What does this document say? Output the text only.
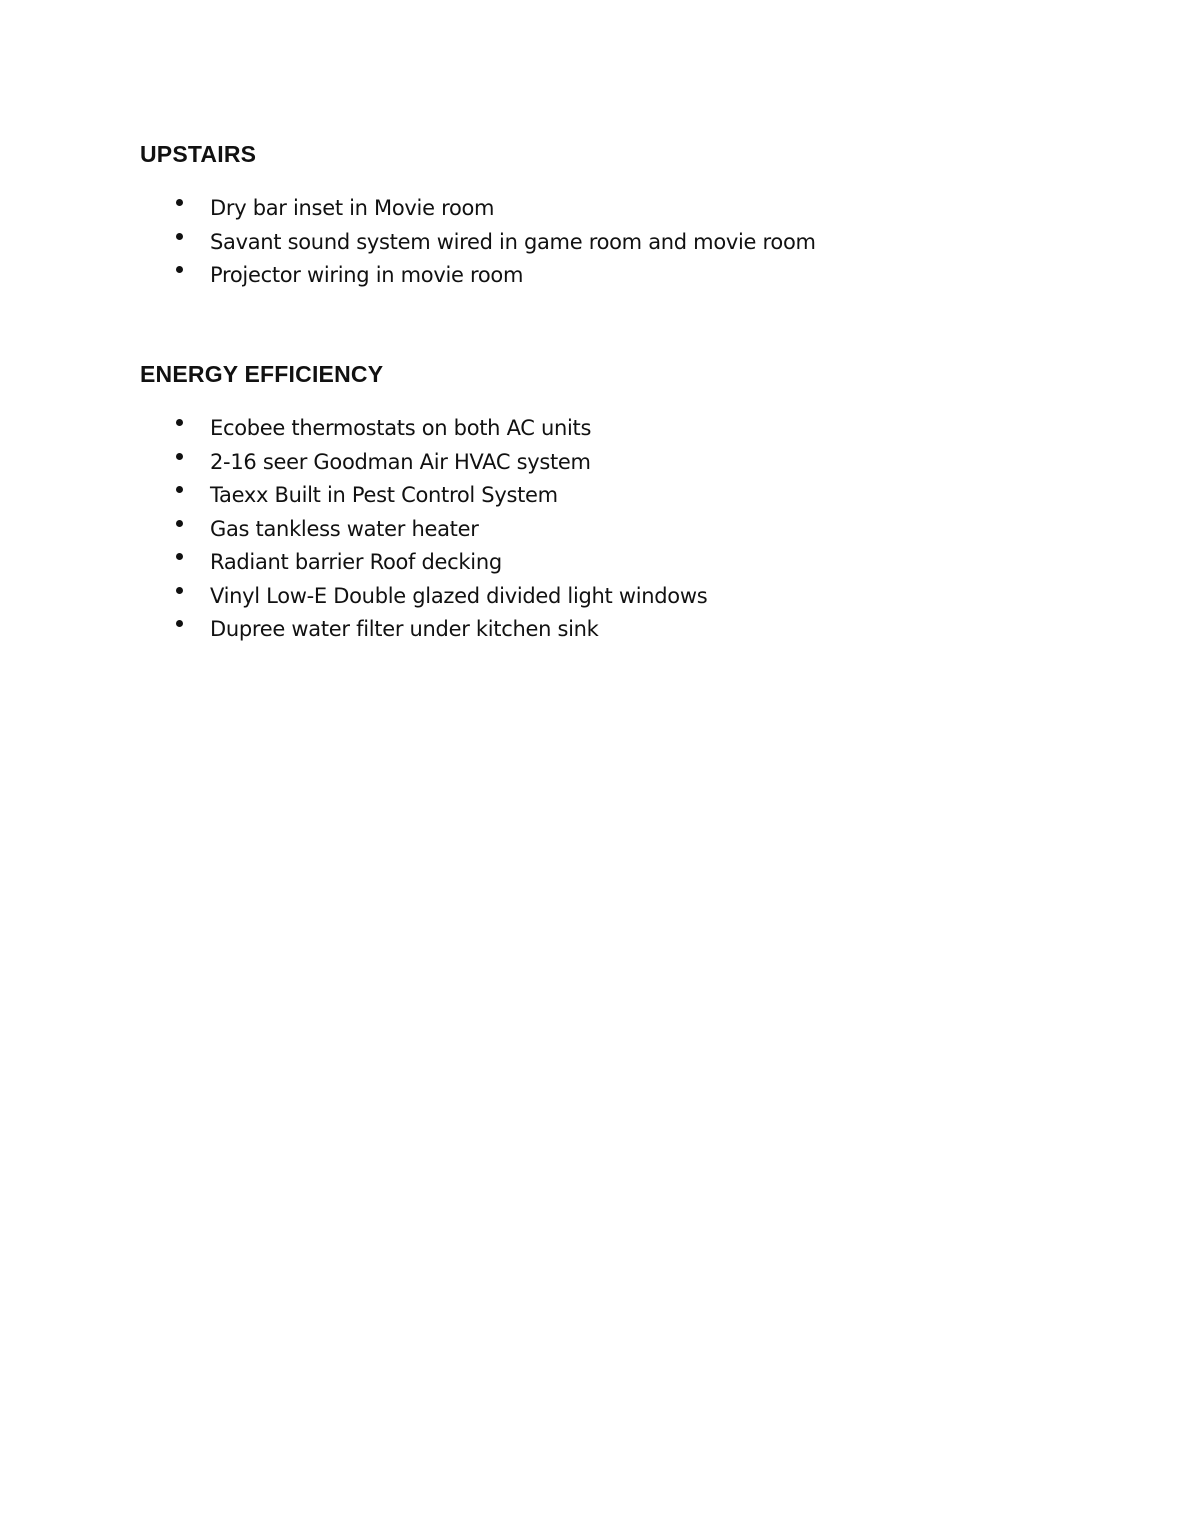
UPSTAIRS
Dry bar inset in Movie room
Savant sound system wired in game room and movie room
Projector wiring in movie room
ENERGY EFFICIENCY
Ecobee thermostats on both AC units
2-16 seer Goodman Air HVAC system
Taexx Built in Pest Control System
Gas tankless water heater
Radiant barrier Roof decking
Vinyl Low-E Double glazed divided light windows
Dupree water filter under kitchen sink
